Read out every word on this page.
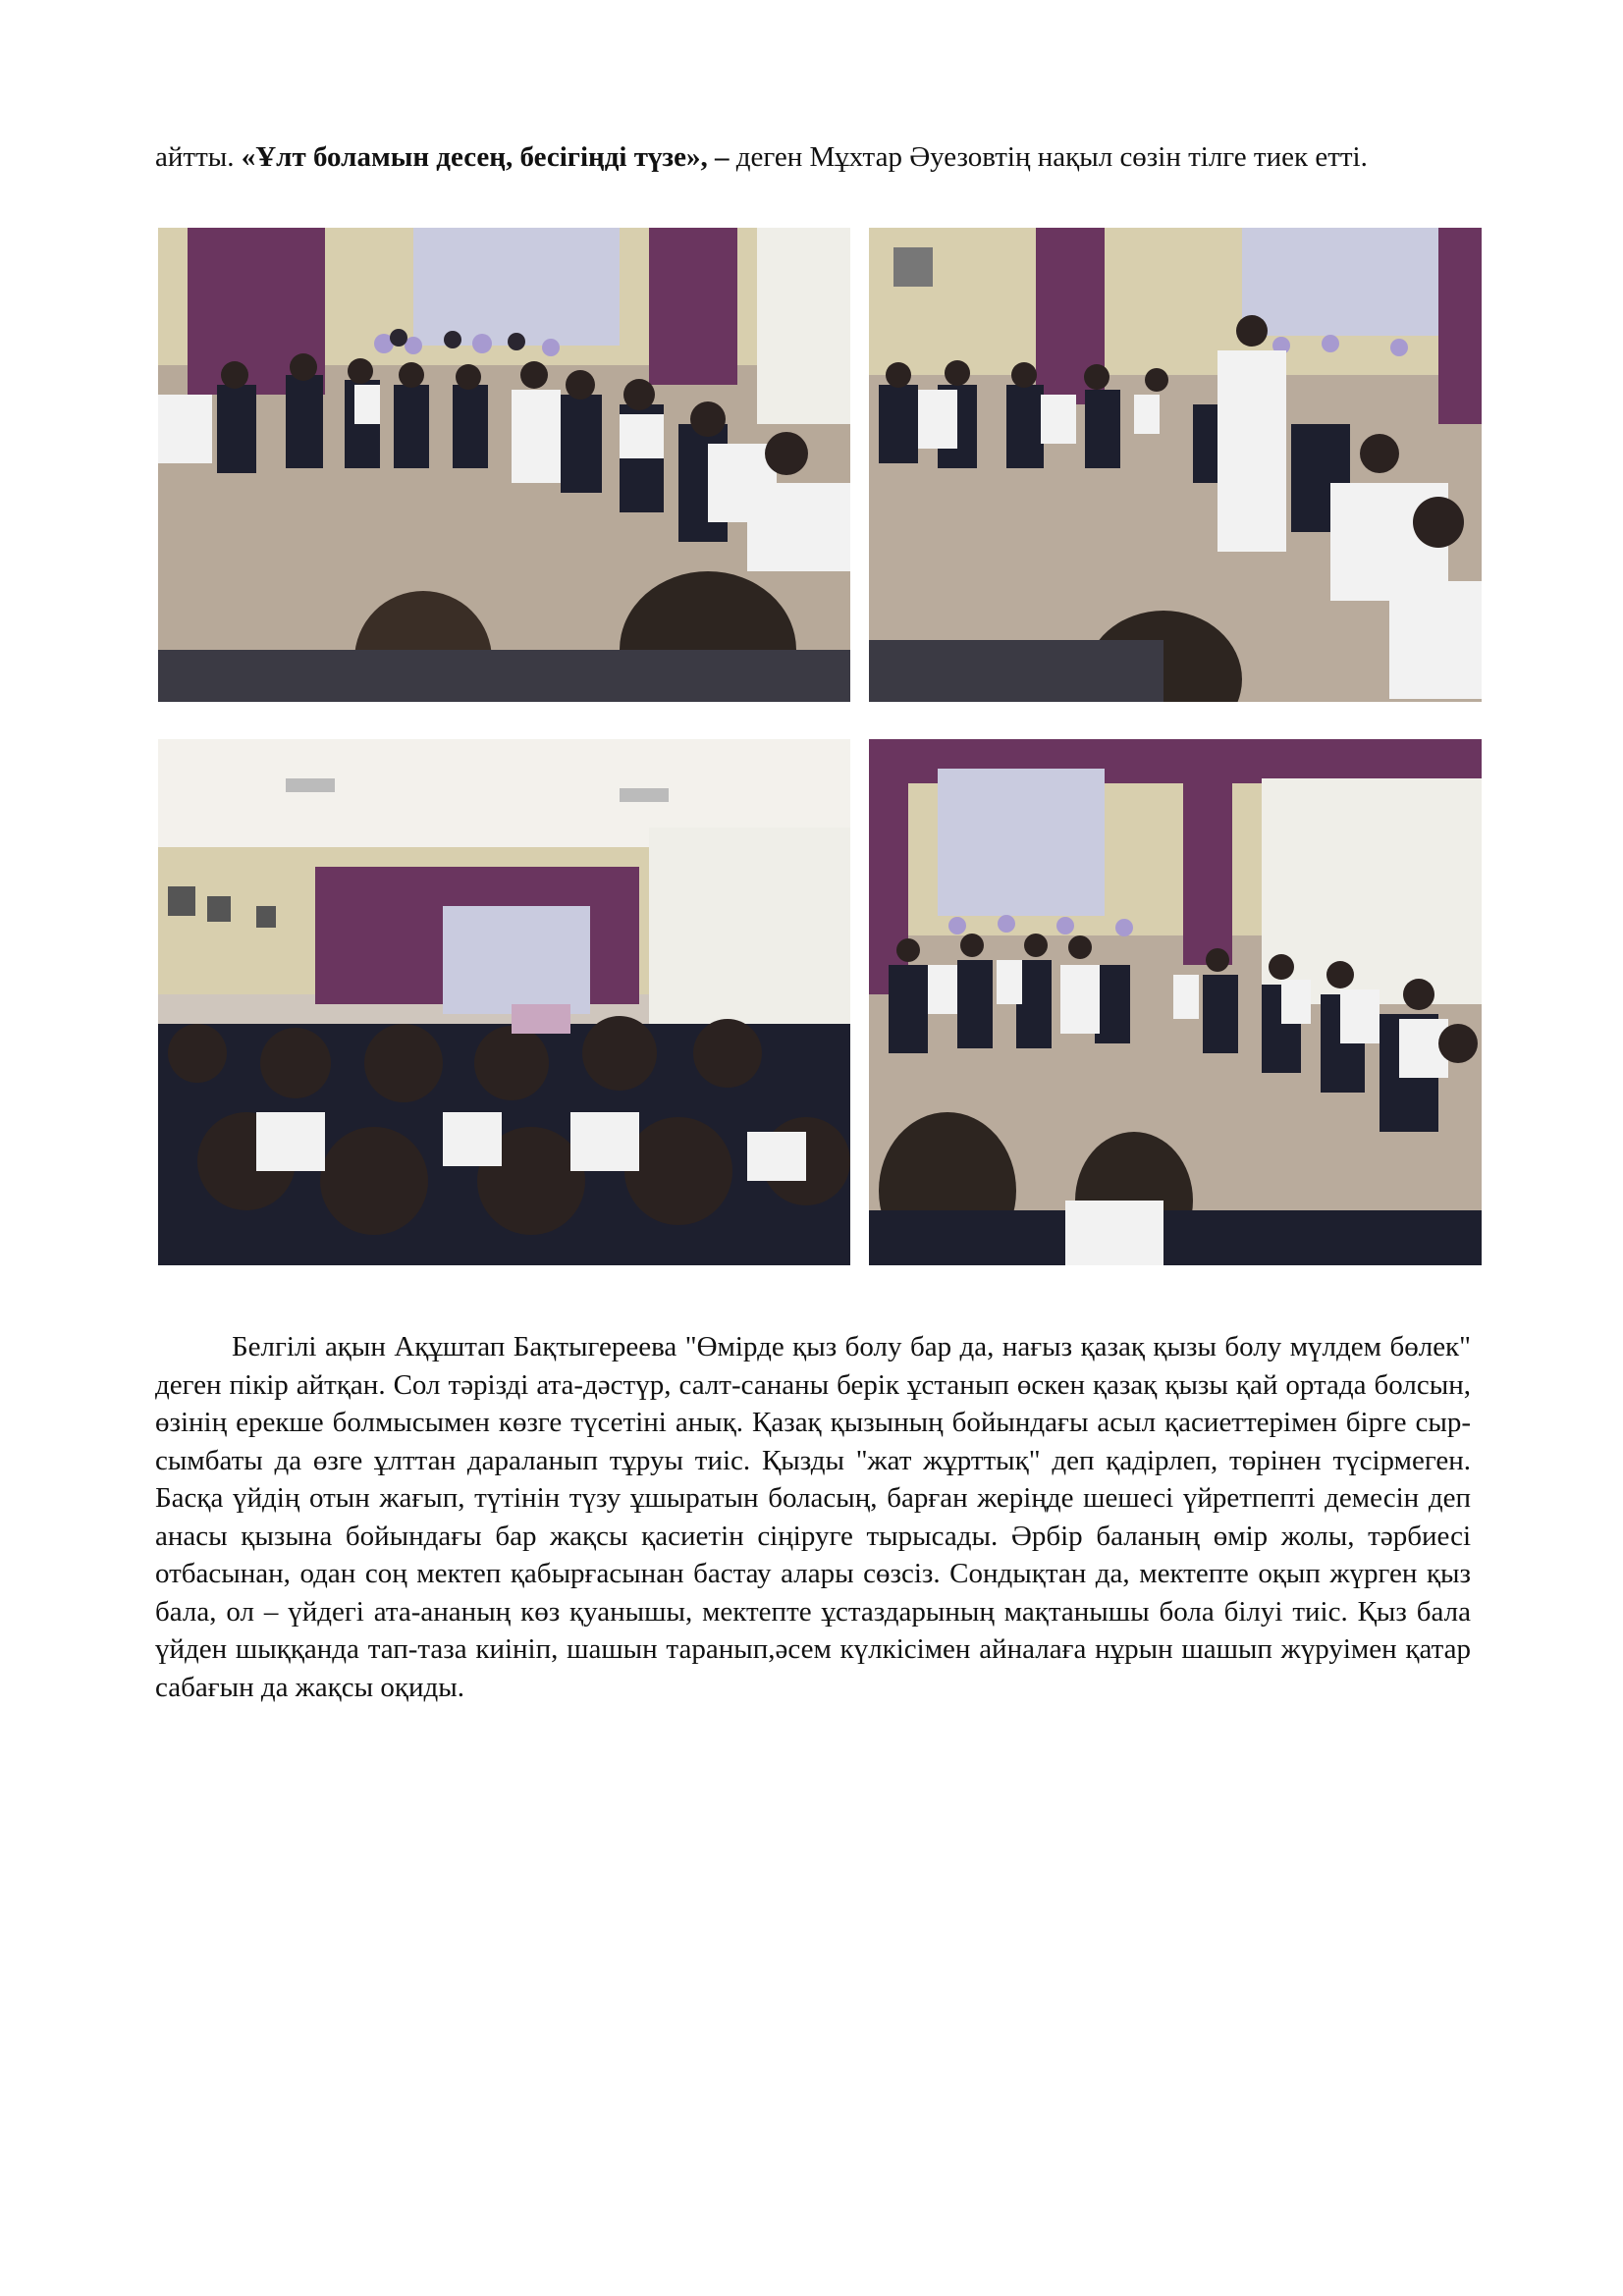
айтты. «Ұлт боламын десең, бесігіңді түзе», – деген Мұхтар Әуезовтің нақыл сөзін тілге тиек етті.

Белгілі ақын Ақұштап Бақтыгереева "Өмірде қыз болу бар да, нағыз қазақ қызы болу мүлдем бөлек" деген пікір айтқан. Сол тәрізді ата-дәстүр, салт-сананы берік ұстанып өскен қазақ қызы қай ортада болсын, өзінің ерекше болмысымен көзге түсетіні анық. Қазақ қызының бойындағы асыл қасиеттерімен бірге сыр-сымбаты да өзге ұлттан дараланып тұруы тиіс. Қызды "жат жұрттық" деп қадірлеп, төрінен түсірмеген. Басқа үйдің отын жағып, түтінін түзу ұшыратын боласың, барған жеріңде шешесі үйретпепті демесін деп анасы қызына бойындағы бар жақсы қасиетін сіңіруге тырысады. Әрбір баланың өмір жолы, тәрбиесі отбасынан, одан соң мектеп қабырғасынан бастау алары сөзсіз. Сондықтан да, мектепте оқып жүрген қыз бала, ол – үйдегі ата-ананың көз қуанышы, мектепте ұстаздарының мақтанышы бола білуі тиіс. Қыз бала үйден шыққанда тап-таза киініп, шашын таранып,әсем күлкісімен айналаға нұрын шашып жүруімен қатар сабағын да жақсы оқиды.
